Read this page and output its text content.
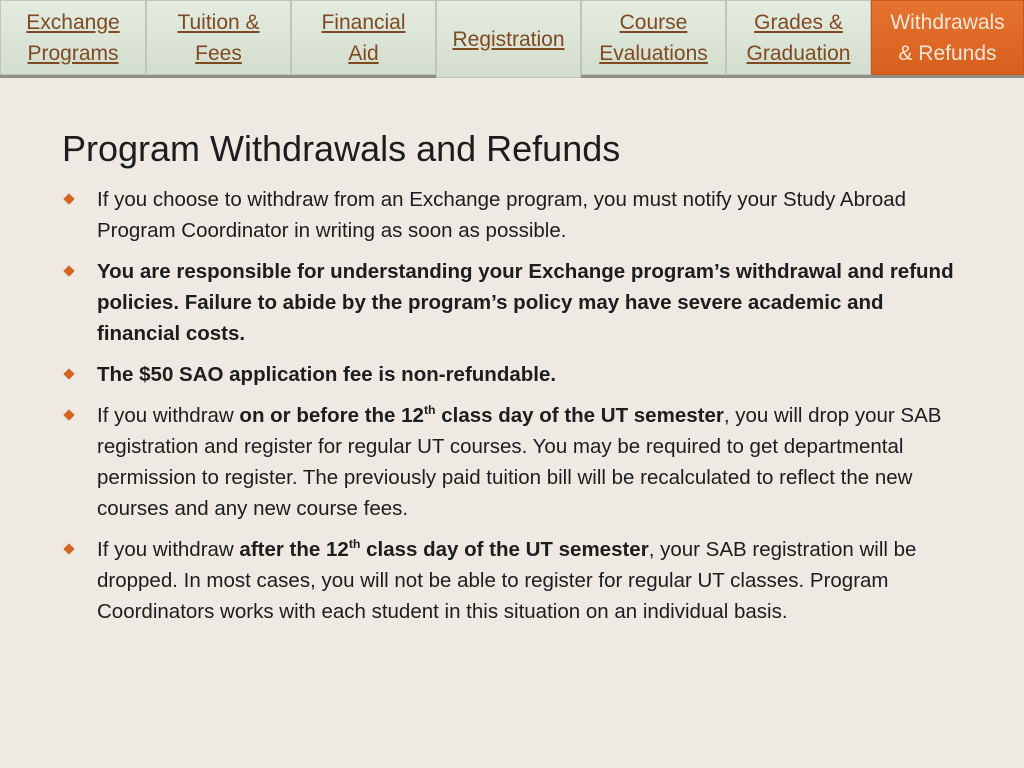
Exchange
Programs
Tuition &
Fees
Financial
Aid
Registration
Course
Evaluations
Grades &
Graduation
Withdrawals
& Refunds
Program Withdrawals and Refunds
If you choose to withdraw from an Exchange program, you must notify your Study Abroad Program Coordinator in writing as soon as possible.
You are responsible for understanding your Exchange program’s withdrawal and refund policies. Failure to abide by the program’s policy may have severe academic and financial costs.
The $50 SAO application fee is non-refundable.
If you withdraw on or before the 12th class day of the UT semester, you will drop your SAB registration and register for regular UT courses. You may be required to get departmental permission to register. The previously paid tuition bill will be recalculated to reflect the new courses and any new course fees.
If you withdraw after the 12th class day of the UT semester, your SAB registration will be dropped. In most cases, you will not be able to register for regular UT classes. Program Coordinators works with each student in this situation on an individual basis.
